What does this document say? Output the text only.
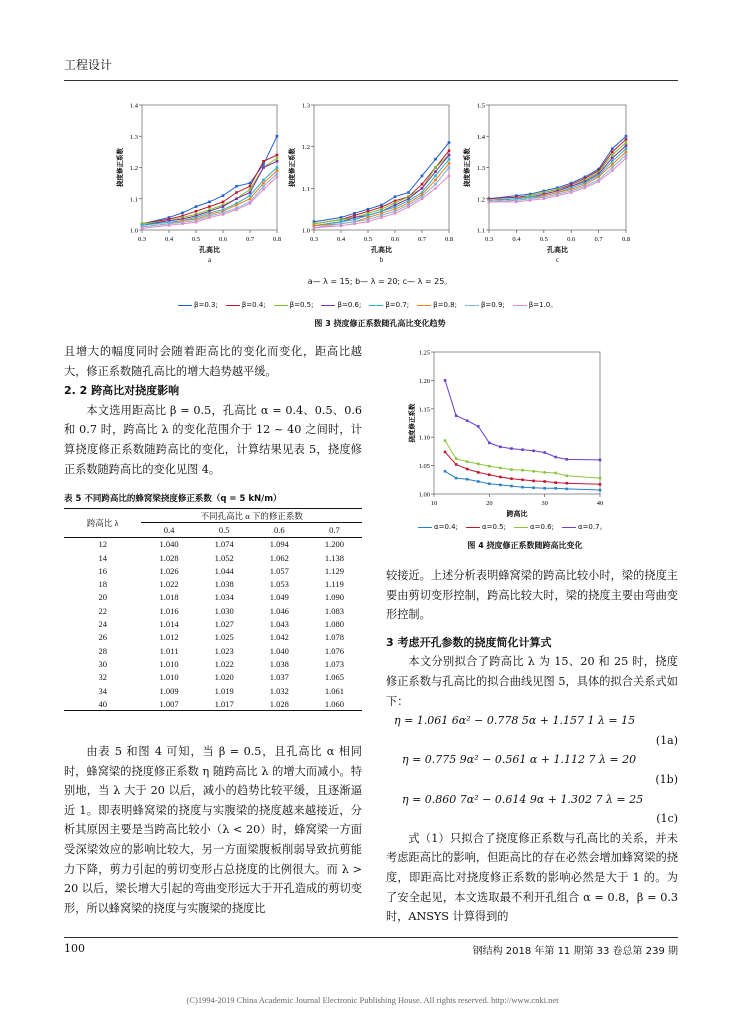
工程设计
0.3	0.4	0.5	0.6	0.7	0.8
1.0
1.1
1.2
1.3
1.4
孔高比
挠度修正系数
a
0.3	0.4	0.5	0.6	0.7	0.8
1.0
1.1
1.2
1.3
孔高比
挠度修正系数
b
0.3	0.4	0.5	0.6	0.7	0.8
1.1
1.2
1.3
1.4
1.5
孔高比
挠度修正系数
c
a— λ = 15; b— λ = 20; c— λ = 25。
β=0.3;	β=0.4;	β=0.5;	β=0.6;	β=0.7;	β=0.8;	β=0.9;	β=1.0。
图 3 挠度修正系数随孔高比变化趋势

且增大的幅度同时会随着距高比的变化而变化，距高比越大，修正系数随孔高比的增大趋势越平缓。

2. 2 跨高比对挠度影响

本文选用距高比 β = 0.5，孔高比 α = 0.4、0.5、0.6 和 0.7 时，跨高比 λ 的变化范围介于 12 ~ 40 之间时，计算挠度修正系数随跨高比的变化，计算结果见表 5，挠度修正系数随跨高比的变化见图 4。

表 5 不同跨高比的蜂窝梁挠度修正系数（q = 5 kN/m）
跨高比 λ	不同孔高比 α 下的修正系数			
	0.4	0.5	0.6	0.7
12	1.040	1.074	1.094	1.200
14	1.028	1.052	1.062	1.138
16	1.026	1.044	1.057	1.129
18	1.022	1.038	1.053	1.119
20	1.018	1.034	1.049	1.090
22	1.016	1.030	1.046	1.083
24	1.014	1.027	1.043	1.080
26	1.012	1.025	1.042	1.078
28	1.011	1.023	1.040	1.076
30	1.010	1.022	1.038	1.073
32	1.010	1.020	1.037	1.065
34	1.009	1.019	1.032	1.061
40	1.007	1.017	1.028	1.060

由表 5 和图 4 可知，当 β = 0.5，且孔高比 α 相同时，蜂窝梁的挠度修正系数 η 随跨高比 λ 的增大而减小。特别地，当 λ 大于 20 以后，减小的趋势比较平缓，且逐渐逼近 1。即表明蜂窝梁的挠度与实腹梁的挠度越来越接近，分析其原因主要是当跨高比较小（λ < 20）时，蜂窝梁一方面受深梁效应的影响比较大，另一方面梁腹板削弱导致抗剪能力下降，剪力引起的剪切变形占总挠度的比例很大。而 λ > 20 以后，梁长增大引起的弯曲变形远大于开孔造成的剪切变形，所以蜂窝梁的挠度与实腹梁的挠度比

10	20	30	40
1.00
1.05
1.10
1.15
1.20
1.25
跨高比
挠度修正系数
α=0.4;	α=0.5;	α=0.6;	α=0.7。
图 4 挠度修正系数随跨高比变化

较接近。上述分析表明蜂窝梁的跨高比较小时，梁的挠度主要由剪切变形控制，跨高比较大时，梁的挠度主要由弯曲变形控制。

3 考虑开孔参数的挠度简化计算式

本文分别拟合了跨高比 λ 为 15、20 和 25 时，挠度修正系数与孔高比的拟合曲线见图 5，具体的拟合关系式如下：

η = 1.061 6α² − 0.778 5α + 1.157 1 λ = 15
(1a)
η = 0.775 9α² − 0.561 α + 1.112 7 λ = 20
(1b)
η = 0.860 7α² − 0.614 9α + 1.302 7 λ = 25
(1c)

式（1）只拟合了挠度修正系数与孔高比的关系，并未考虑距高比的影响，但距高比的存在必然会增加蜂窝梁的挠度，即距高比对挠度修正系数的影响必然是大于 1 的。为了安全起见，本文选取最不利开孔组合 α = 0.8，β = 0.3 时，ANSYS 计算得到的

100	钢结构 2018 年第 11 期第 33 卷总第 239 期
(C)1994-2019 China Academic Journal Electronic Publishing House. All rights reserved. http://www.cnki.net
